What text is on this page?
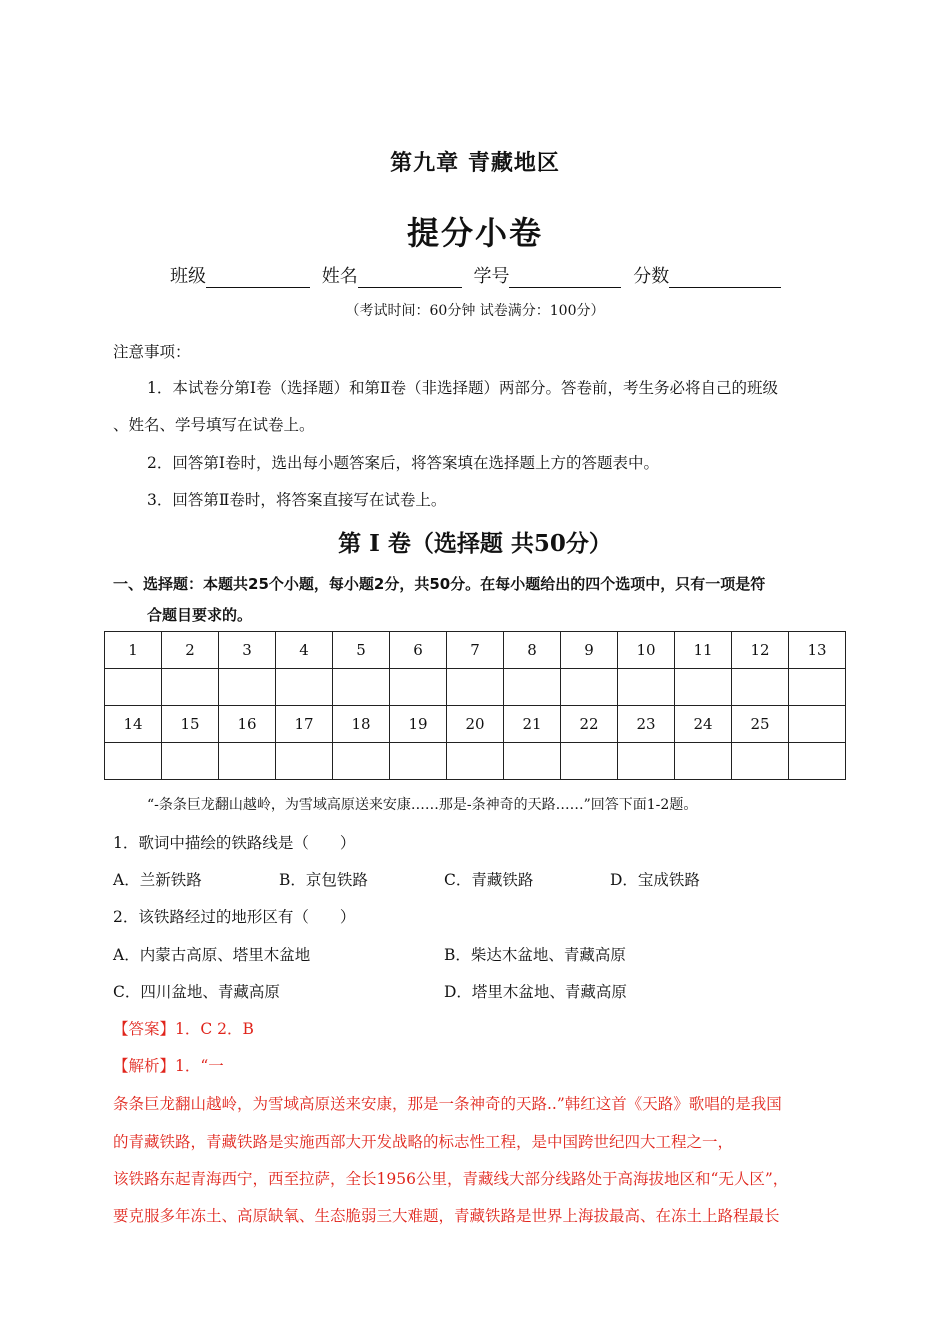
第九章 青藏地区
提分小卷
班级	姓名	学号	分数
（考试时间：60分钟 试卷满分：100分）
注意事项：
1．本试卷分第Ⅰ卷（选择题）和第Ⅱ卷（非选择题）两部分。答卷前，考生务必将自己的班级
、姓名、学号填写在试卷上。
2．回答第Ⅰ卷时，选出每小题答案后，将答案填在选择题上方的答题表中。
3．回答第Ⅱ卷时，将答案直接写在试卷上。
第 I 卷（选择题 共50分）
一、选择题：本题共25个小题，每小题2分，共50分。在每小题给出的四个选项中，只有一项是符
合题目要求的。
1	2	3	4	5	6	7	8	9	10	11	12	13

14	15	16	17	18	19	20	21	22	23	24	25	

“-条条巨龙翻山越岭，为雪域高原送来安康……那是-条神奇的天路……”回答下面1-2题。
1．歌词中描绘的铁路线是（　　）
A．兰新铁路	B．京包铁路	C．青藏铁路	D．宝成铁路
2．该铁路经过的地形区有（　　）
A．内蒙古高原、塔里木盆地	B．柴达木盆地、青藏高原
C．四川盆地、青藏高原	D．塔里木盆地、青藏高原
【答案】1．C 2．B
【解析】1．“一
条条巨龙翻山越岭，为雪域高原送来安康，那是一条神奇的天路..”韩红这首《天路》歌唱的是我国
的青藏铁路，青藏铁路是实施西部大开发战略的标志性工程，是中国跨世纪四大工程之一，
该铁路东起青海西宁，西至拉萨，全长1956公里，青藏线大部分线路处于高海拔地区和“无人区”，
要克服多年冻土、高原缺氧、生态脆弱三大难题，青藏铁路是世界上海拔最高、在冻土上路程最长
